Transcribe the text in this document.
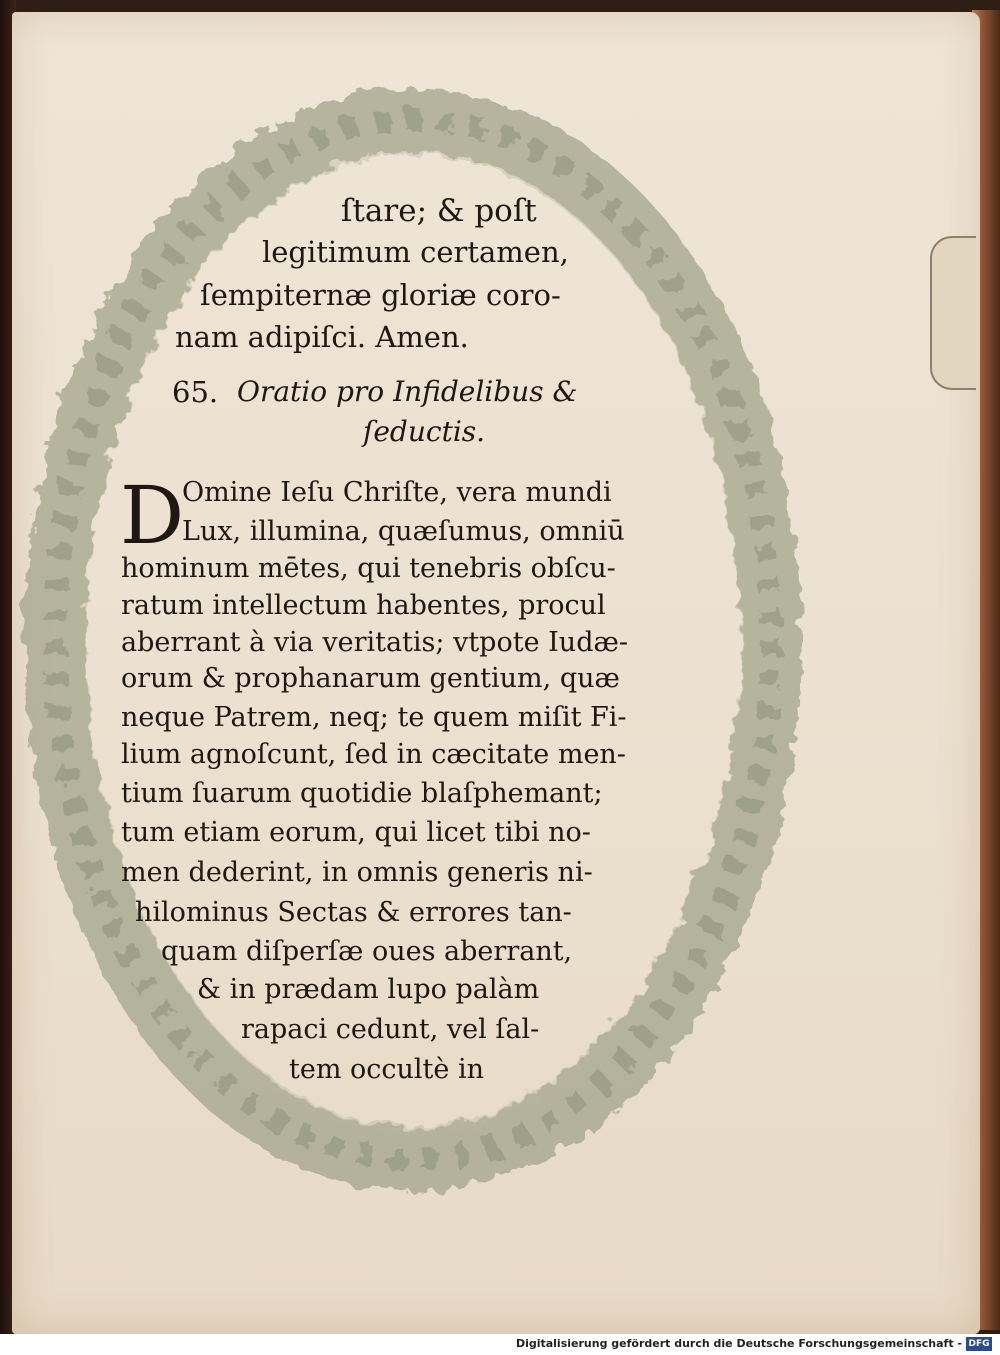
ſtare; & poſt
legitimum certamen,
ſempiternæ gloriæ coro-
nam adipiſci. Amen.
65. Oratio pro Infidelibus &
ſeductis.
D
Omine Ieſu Chriſte, vera mundi
Lux, illumina, quæſumus, omniū
hominum mētes, qui tenebris obſcu-
ratum intellectum habentes, procul
aberrant à via veritatis; vtpote Iudæ-
orum & prophanarum gentium, quæ
neque Patrem, neq; te quem miſit Fi-
lium agnoſcunt, ſed in cæcitate men-
tium ſuarum quotidie blaſphemant;
tum etiam eorum, qui licet tibi no-
men dederint, in omnis generis ni-
hilominus Sectas & errores tan-
quam diſperſæ oues aberrant,
& in prædam lupo palàm
rapaci cedunt, vel ſal-
tem occultè in
Digitalisierung gefördert durch die Deutsche Forschungsgemeinschaft - DFG
